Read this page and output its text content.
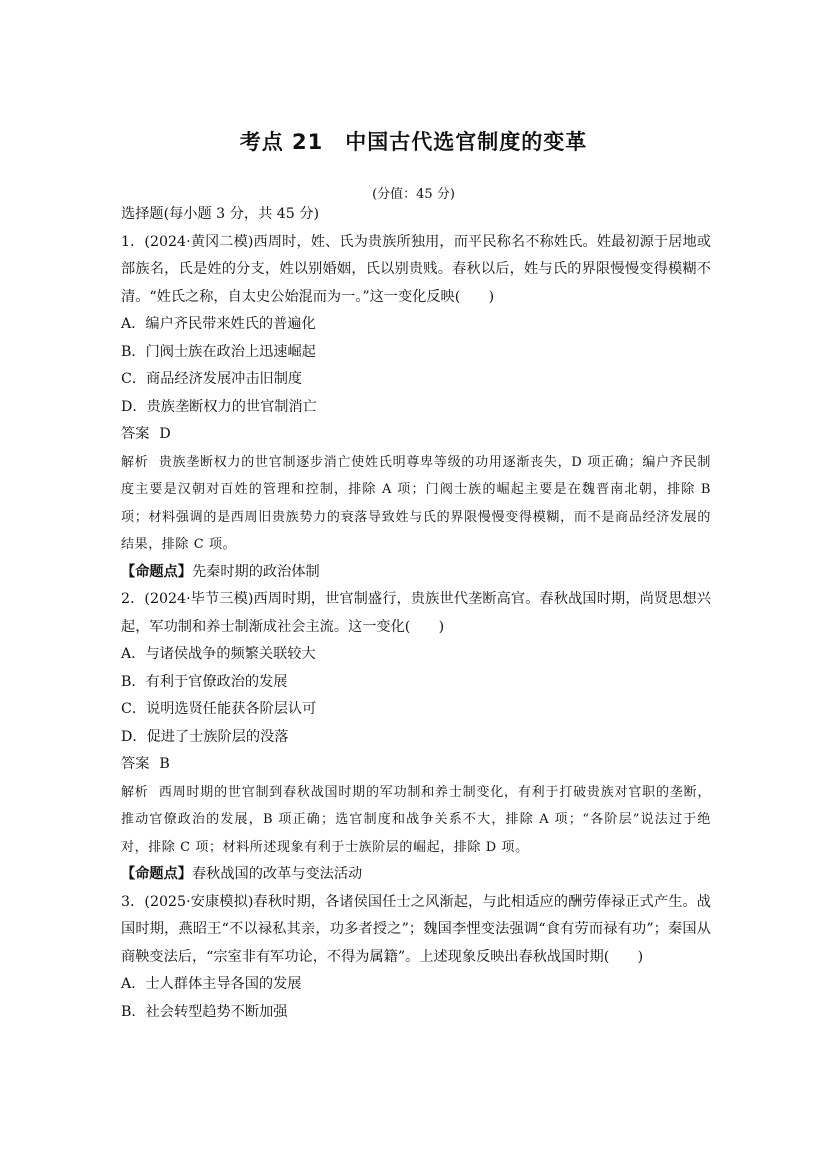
考点 21　中国古代选官制度的变革
(分值：45 分)
选择题(每小题 3 分，共 45 分)
1．(2024·黄冈二模)西周时，姓、氏为贵族所独用，而平民称名不称姓氏。姓最初源于居地或部族名，氏是姓的分支，姓以别婚姻，氏以别贵贱。春秋以后，姓与氏的界限慢慢变得模糊不清。“姓氏之称，自太史公始混而为一。”这一变化反映(　　)
A．编户齐民带来姓氏的普遍化
B．门阀士族在政治上迅速崛起
C．商品经济发展冲击旧制度
D．贵族垄断权力的世官制消亡
答案 D
解析 贵族垄断权力的世官制逐步消亡使姓氏明尊卑等级的功用逐渐丧失，D 项正确；编户齐民制度主要是汉朝对百姓的管理和控制，排除 A 项；门阀士族的崛起主要是在魏晋南北朝，排除 B 项；材料强调的是西周旧贵族势力的衰落导致姓与氏的界限慢慢变得模糊，而不是商品经济发展的结果，排除 C 项。
【命题点】先秦时期的政治体制
2．(2024·毕节三模)西周时期，世官制盛行，贵族世代垄断高官。春秋战国时期，尚贤思想兴起，军功制和养士制渐成社会主流。这一变化(　　)
A．与诸侯战争的频繁关联较大
B．有利于官僚政治的发展
C．说明选贤任能获各阶层认可
D．促进了士族阶层的没落
答案 B
解析 西周时期的世官制到春秋战国时期的军功制和养士制变化，有利于打破贵族对官职的垄断，推动官僚政治的发展，B 项正确；选官制度和战争关系不大，排除 A 项；“各阶层”说法过于绝对，排除 C 项；材料所述现象有利于士族阶层的崛起，排除 D 项。
【命题点】春秋战国的改革与变法活动
3．(2025·安康模拟)春秋时期，各诸侯国任士之风渐起，与此相适应的酬劳俸禄正式产生。战国时期，燕昭王“不以禄私其亲，功多者授之”；魏国李悝变法强调“食有劳而禄有功”；秦国从商鞅变法后，“宗室非有军功论，不得为属籍”。上述现象反映出春秋战国时期(　　)
A．士人群体主导各国的发展
B．社会转型趋势不断加强
